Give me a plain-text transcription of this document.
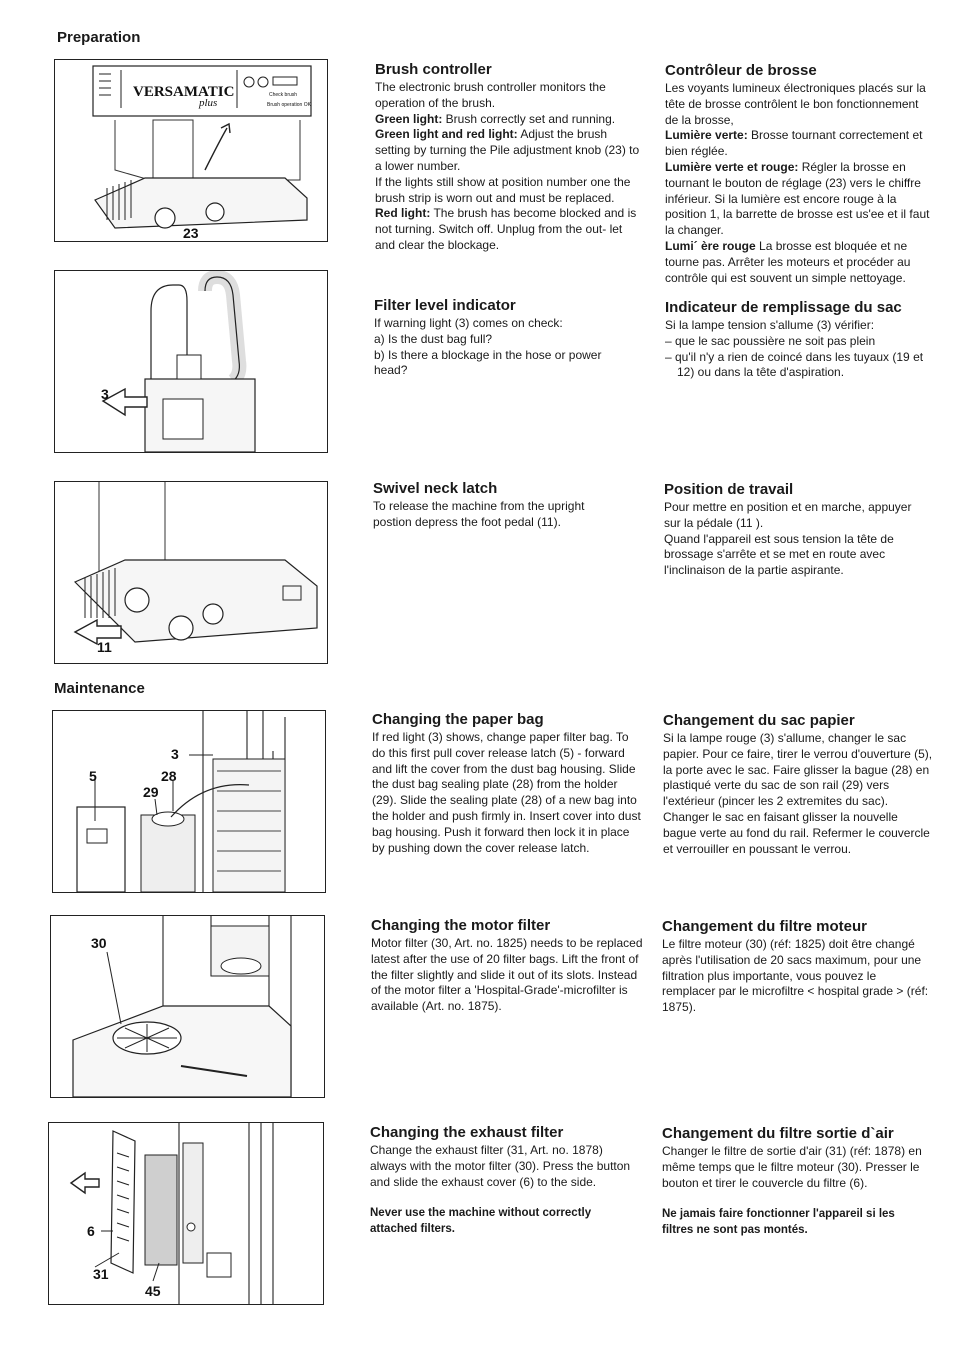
Preparation
Maintenance
VERSAMATIC
plus
Check brush
Brush operation OK
23
3
11
3
5	28
29
30
6
31
45
Brush controller

The electronic brush controller monitors the operation of the brush.

Green light: Brush correctly set and running.

Green light and red light: Adjust the brush setting by turning the Pile adjustment knob (23) to a lower number.

If the lights still show at position number one the brush strip is worn out and must be replaced.

Red light: The brush has become blocked and is not turning. Switch off. Unplug from the out- let

and clear the blockage.

Filter level indicator

If warning light (3) comes on check:

a) Is the dust bag full?

b) Is there a blockage in the hose or power head?

Swivel neck latch

To release the machine from the upright postion depress the foot pedal (11).

Changing the paper bag

If red light (3) shows, change paper filter bag. To do this first pull cover release latch (5) - forward and lift the cover from the dust bag housing. Slide the dust bag sealing plate (28) from the holder (29). Slide the sealing plate (28) of a new bag into the holder and push firmly in. Insert cover into dust bag housing. Push it forward then lock it in place by pushing down the cover release latch.

Changing the motor filter

Motor filter (30, Art. no. 1825) needs to be replaced latest after the use of 20 filter bags. Lift the front of the filter slightly and slide it out of its slots. Instead of the motor filter a 'Hospital-Grade'-microfilter is available (Art. no. 1875).

Changing the exhaust filter

Change the exhaust filter (31, Art. no. 1878) always with the motor filter (30). Press the button and slide the exhaust cover (6) to the side.

Never use the machine without correctly attached filters.

Contrôleur de brosse

Les voyants lumineux électroniques placés sur la tête de brosse contrôlent le bon fonctionnement de la brosse,

Lumière verte: Brosse tournant correctement et bien réglée.

Lumière verte et rouge: Régler la brosse en tournant le bouton de réglage (23) vers le chiffre inférieur. Si la lumière est encore rouge à la position 1, la barrette de brosse est us'ee et il faut la changer.

Lumi´ ère rouge La brosse est bloquée et ne tourne pas. Arrêter les moteurs et procéder au contrôle qui est souvent un simple nettoyage.

Indicateur de remplissage du sac

Si la lampe tension s'allume (3) vérifier:

– que le sac poussière ne soit pas plein

– qu'il n'y a rien de coincé dans les tuyaux (19 et 12) ou dans la tête d'aspiration.

Position de travail

Pour mettre en position et en marche, appuyer sur la pédale (11 ).

Quand l'appareil est sous tension la tête de brossage s'arrête et se met en route avec l'inclinaison de la partie aspirante.

Changement du sac papier

Si la lampe rouge (3) s'allume, changer le sac papier. Pour ce faire, tirer le verrou d'ouverture (5), la porte avec le sac. Faire glisser la bague (28) en plastiqué verte du sac de son rail (29) vers l'extérieur (pincer les 2 extremites du sac). Changer le sac en faisant glisser la nouvelle bague verte au fond du rail. Refermer le couvercle et verrouiller en poussant le verrou.

Changement du filtre moteur

Le filtre moteur (30) (réf: 1825) doit être changé après l'utilisation de 20 sacs maximum, pour une filtration plus importante, vous pouvez le remplacer par le microfiltre < hospital grade > (réf: 1875).

Changement du filtre sortie d`air

Changer le filtre de sortie d'air (31) (réf: 1878) en même temps que le filtre moteur (30). Presser le bouton et tirer le couvercle du filtre (6).

Ne jamais faire fonctionner l'appareil si les filtres ne sont pas montés.
